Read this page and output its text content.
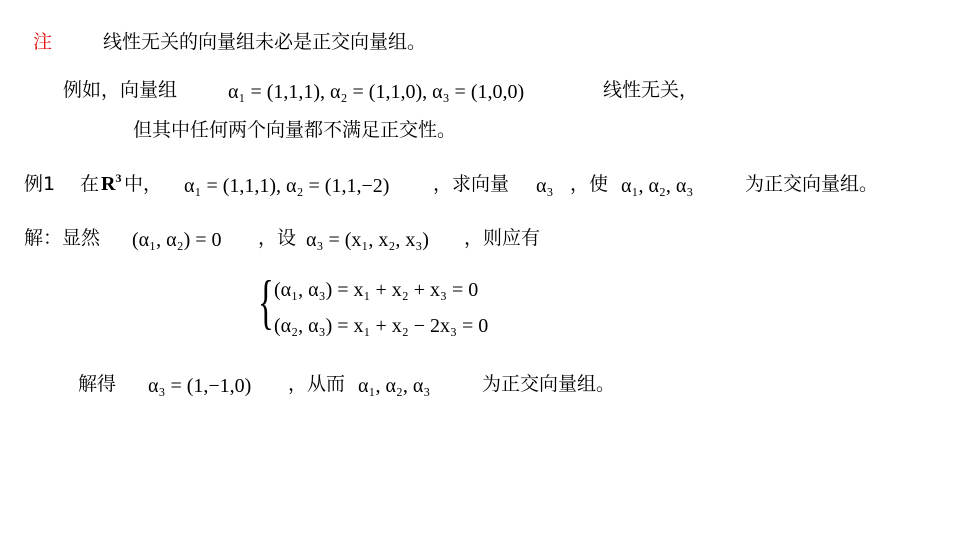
注	线性无关的向量组未必是正交向量组。
例如，向量组	α₁ = (1,1,1), α₂ = (1,1,0), α₃ = (1,0,0)	线性无关，
但其中任何两个向量都不满足正交性。
例1 在 $R^3$ 中， α₁ = (1,1,1), α₂ = (1,1,−2) ，求向量 α₃ ，使 α₁, α₂, α₃	为正交向量组。
解：显然 (α₁, α₂) = 0 ，设 α₃ = (x₁, x₂, x₃) ，则应有
{ (α₁, α₃) = x₁ + x₂ + x₃ = 0
(α₂, α₃) = x₁ + x₂ − 2x₃ = 0
解得 α₃ = (1,−1,0) ，从而 α₁, α₂, α₃	为正交向量组。
